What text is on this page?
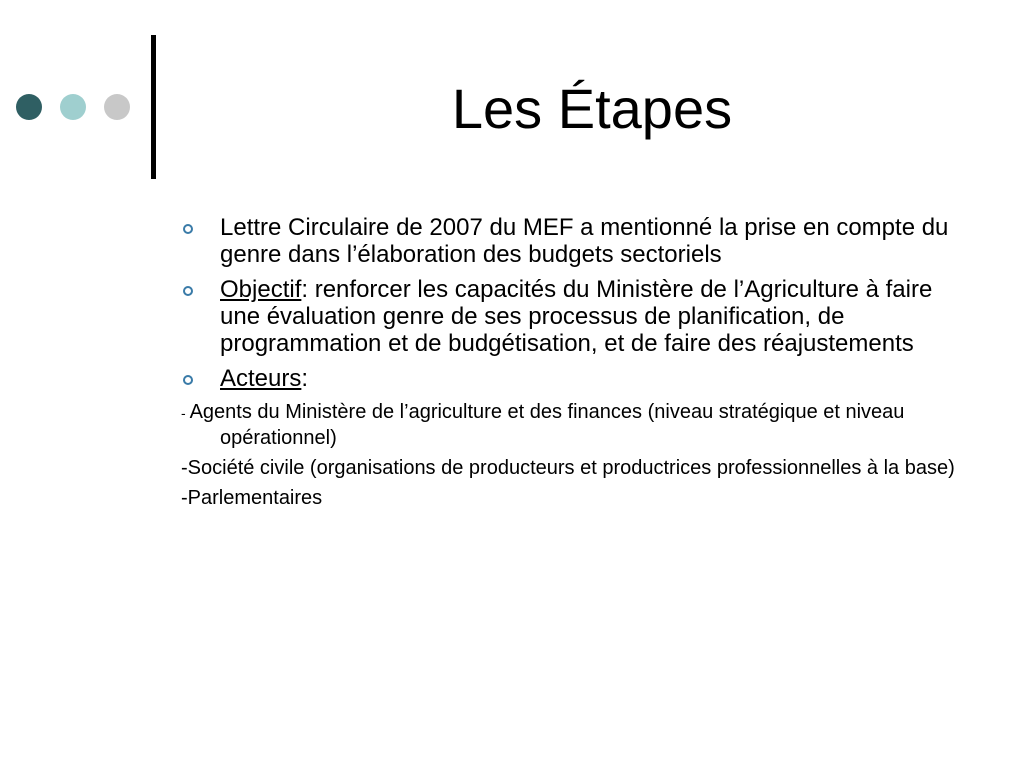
Les Étapes
Lettre Circulaire de 2007 du MEF a mentionné la prise en compte du genre dans l’élaboration des budgets sectoriels
Objectif: renforcer les capacités du Ministère de l’Agriculture à faire une évaluation genre de ses processus de planification, de programmation et de budgétisation, et de faire des réajustements
Acteurs:
- Agents du Ministère de l’agriculture et des finances (niveau stratégique et niveau opérationnel)
-Société civile (organisations de producteurs et productrices professionnelles à la base)
-Parlementaires
